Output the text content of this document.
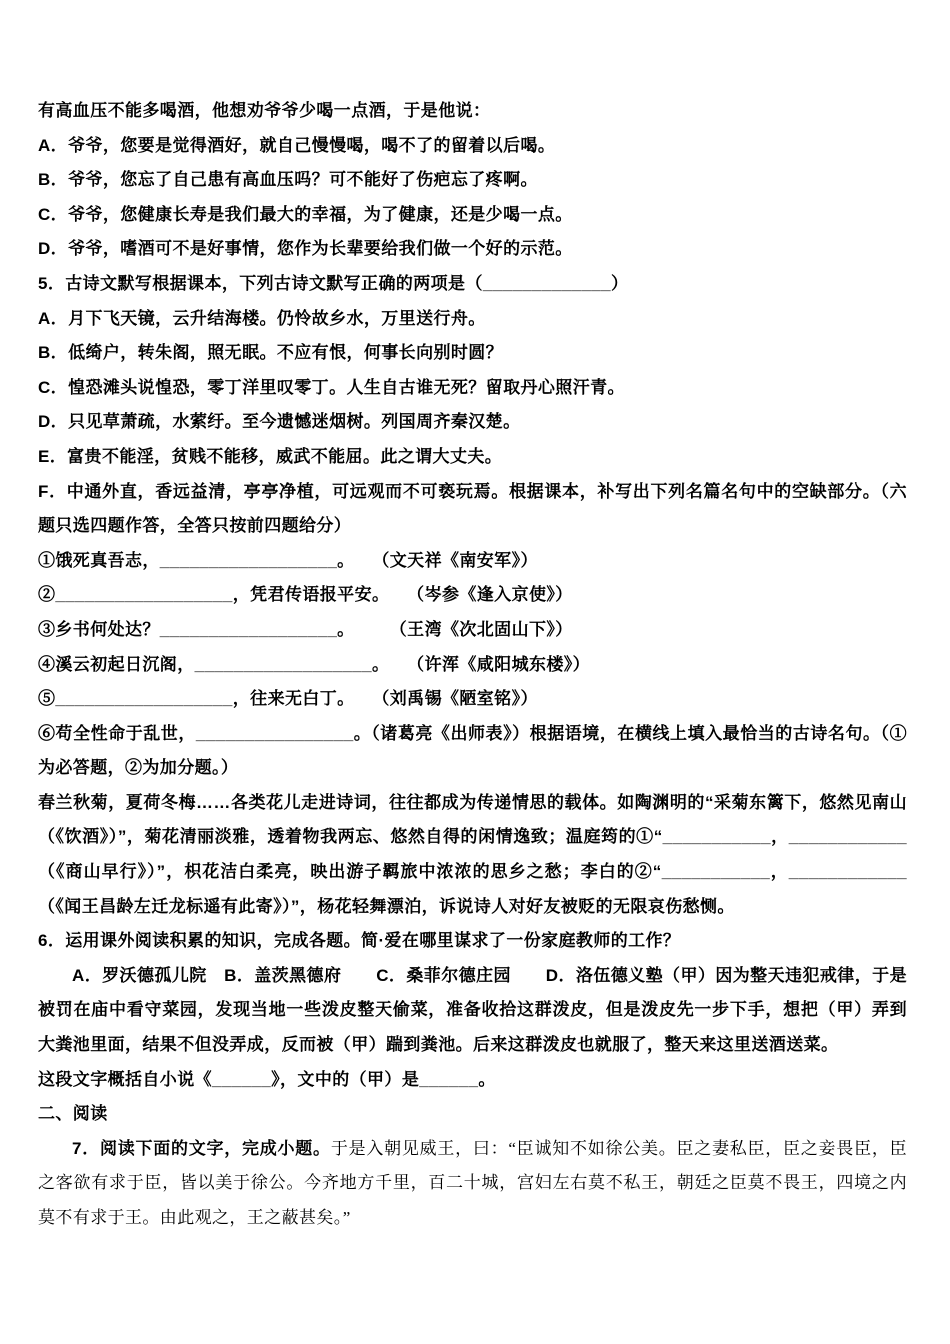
有高血压不能多喝酒，他想劝爷爷少喝一点酒，于是他说：

A．爷爷，您要是觉得酒好，就自己慢慢喝，喝不了的留着以后喝。

B．爷爷，您忘了自己患有高血压吗？可不能好了伤疤忘了疼啊。

C．爷爷，您健康长寿是我们最大的幸福，为了健康，还是少喝一点。

D．爷爷，嗜酒可不是好事情，您作为长辈要给我们做一个好的示范。

5．古诗文默写根据课本，下列古诗文默写正确的两项是（_____________）

A．月下飞天镜，云升结海楼。仍怜故乡水，万里送行舟。

B．低绮户，转朱阁，照无眠。不应有恨，何事长向别时圆？

C．惶恐滩头说惶恐，零丁洋里叹零丁。人生自古谁无死？留取丹心照汗青。

D．只见草萧疏，水萦纡。至今遗憾迷烟树。列国周齐秦汉楚。

E．富贵不能淫，贫贱不能移，威武不能屈。此之谓大丈夫。

F．中通外直，香远益清，亭亭净植，可远观而不可亵玩焉。根据课本，补写出下列名篇名句中的空缺部分。（六题只选四题作答，全答只按前四题给分）

①饿死真吾志，__________________。　　（文天祥《南安军》）

②__________________，凭君传语报平安。　　（岑参《逢入京使》）

③乡书何处达？__________________。　　　（王湾《次北固山下》）

④溪云初起日沉阁，__________________。　　（许浑《咸阳城东楼》）

⑤__________________，往来无白丁。　　（刘禹锡《陋室铭》）

⑥苟全性命于乱世，________________。（诸葛亮《出师表》）根据语境，在横线上填入最恰当的古诗名句。（①为必答题，②为加分题。）

春兰秋菊，夏荷冬梅……各类花儿走进诗词，往往都成为传递情思的载体。如陶渊明的“采菊东篱下，悠然见南山（《饮酒》）”，菊花清丽淡雅，透着物我两忘、悠然自得的闲情逸致；温庭筠的①“___________，____________（《商山早行》）”，枳花洁白柔亮，映出游子羁旅中浓浓的思乡之愁；李白的②“___________，____________（《闻王昌龄左迁龙标遥有此寄》）”，杨花轻舞漂泊，诉说诗人对好友被贬的无限哀伤愁恻。

6．运用课外阅读积累的知识，完成各题。简·爱在哪里谋求了一份家庭教师的工作？

A．罗沃德孤儿院　B．盖茨黑德府　　C．桑菲尔德庄园　　D．洛伍德义塾（甲）因为整天违犯戒律，于是被罚在庙中看守菜园，发现当地一些泼皮整天偷菜，准备收拾这群泼皮，但是泼皮先一步下手，想把（甲）弄到大粪池里面，结果不但没弄成，反而被（甲）踹到粪池。后来这群泼皮也就服了，整天来这里送酒送菜。

这段文字概括自小说《______》，文中的（甲）是______。

二、阅读

7．阅读下面的文字，完成小题。于是入朝见威王，曰：“臣诚知不如徐公美。臣之妻私臣，臣之妾畏臣，臣之客欲有求于臣，皆以美于徐公。今齐地方千里，百二十城，宫妇左右莫不私王，朝廷之臣莫不畏王，四境之内莫不有求于王。由此观之，王之蔽甚矣。”
